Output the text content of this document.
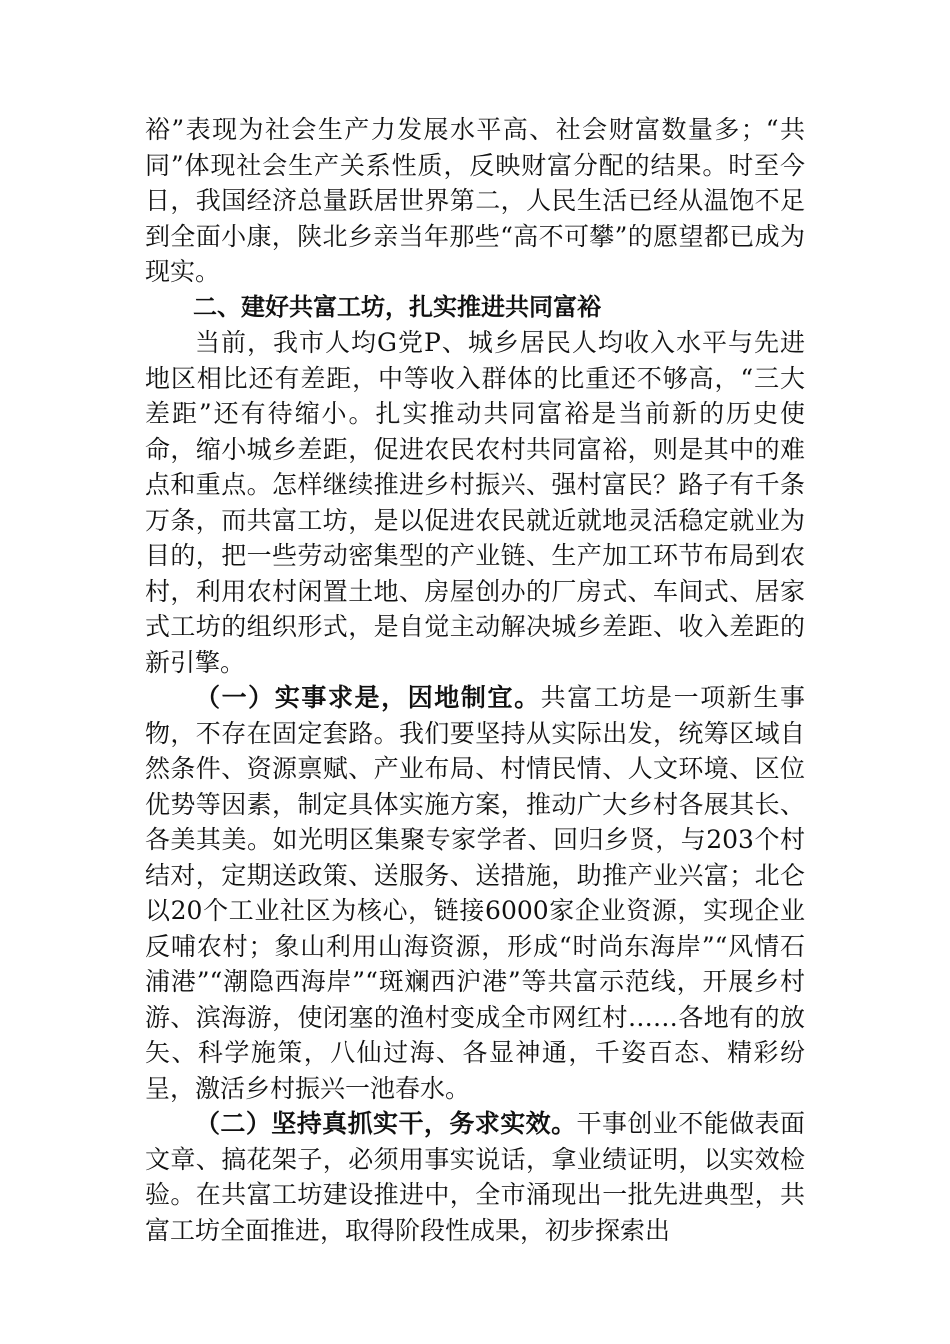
裕”表现为社会生产力发展水平高、社会财富数量多；“共同”体现社会生产关系性质，反映财富分配的结果。时至今日，我国经济总量跃居世界第二，人民生活已经从温饱不足到全面小康，陕北乡亲当年那些“高不可攀”的愿望都已成为现实。

二、建好共富工坊，扎实推进共同富裕

当前，我市人均G党P、城乡居民人均收入水平与先进地区相比还有差距，中等收入群体的比重还不够高，“三大差距”还有待缩小。扎实推动共同富裕是当前新的历史使命，缩小城乡差距，促进农民农村共同富裕，则是其中的难点和重点。怎样继续推进乡村振兴、强村富民？路子有千条万条，而共富工坊，是以促进农民就近就地灵活稳定就业为目的，把一些劳动密集型的产业链、生产加工环节布局到农村，利用农村闲置土地、房屋创办的厂房式、车间式、居家式工坊的组织形式，是自觉主动解决城乡差距、收入差距的新引擎。

（一）实事求是，因地制宜。共富工坊是一项新生事物，不存在固定套路。我们要坚持从实际出发，统筹区域自然条件、资源禀赋、产业布局、村情民情、人文环境、区位优势等因素，制定具体实施方案，推动广大乡村各展其长、各美其美。如光明区集聚专家学者、回归乡贤，与203个村结对，定期送政策、送服务、送措施，助推产业兴富；北仑以20个工业社区为核心，链接6000家企业资源，实现企业反哺农村；象山利用山海资源，形成“时尚东海岸”“风情石浦港”“潮隐西海岸”“斑斓西沪港”等共富示范线，开展乡村游、滨海游，使闭塞的渔村变成全市网红村……各地有的放矢、科学施策，八仙过海、各显神通，千姿百态、精彩纷呈，激活乡村振兴一池春水。

（二）坚持真抓实干，务求实效。干事创业不能做表面文章、搞花架子，必须用事实说话，拿业绩证明，以实效检验。在共富工坊建设推进中，全市涌现出一批先进典型，共富工坊全面推进，取得阶段性成果，初步探索出
